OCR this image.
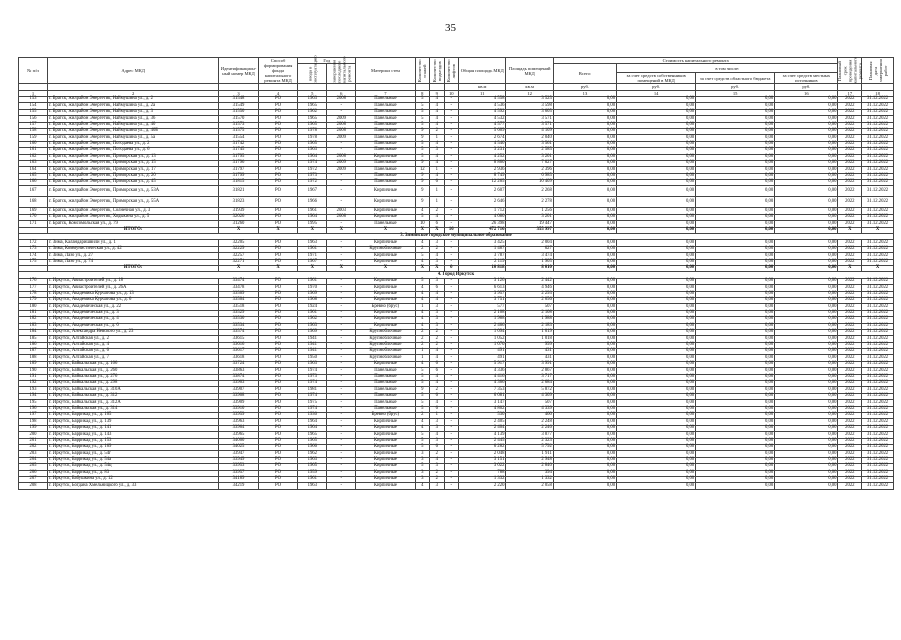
35
№ п/п	Адрес МКД	Идентификацион-ный номер МКД	Способ формирования фонда капитального ремонта МКД	Год		Материал стен	Количество этажей	Количество подъездов	Количество лифтов	Общая площадь МКД	Площадь помещений МКД	Стоимость капитального ремонта				Плановый срок проведения капитального ремонта	Плановая дата завершения работ
				ввода в эксплуатацию	завершения последнего капитального ремонта							Всего:	в том числе:				
													за счет средств собственников помещений в МКД	за счет средств областного бюджета	за счет средств местных источников		
										кв.м	кв.м	руб.	руб.	руб.	руб.		
1	2	3	4	5	6	7	8	9	10	11	12	13	14	15	16	17	18
153	г. Братск, жилрайон Энергетик, Наймушина ул., д. 2	31548	РО	1963	2008	Панельные	5	4	-	4 558	3 525	0,00	0,00	0,00	0,00	2022	31.12.2022
154	г. Братск, жилрайон Энергетик, Наймушина ул., д. 2а	31549	РО	1965	-	Панельные	5	4	-	4 536	3 598	0,00	0,00	0,00	0,00	2022	31.12.2022
155	г. Братск, жилрайон Энергетик, Наймушина ул., д. 3	31550	РО	1962	-	Панельные	5	4	-	4 592	3 605	0,00	0,00	0,00	0,00	2022	31.12.2022
156	г. Братск, жилрайон Энергетик, Наймушина ул., д. 36	31570	РО	1965	2009	Панельные	5	4	-	4 532	3 571	0,00	0,00	0,00	0,00	2022	31.12.2022
157	г. Братск, жилрайон Энергетик, Наймушина ул., д. 40	31573	РО	1965	2008	Панельные	5	4	-	4 577	3 571	0,00	0,00	0,00	0,00	2022	31.12.2022
158	г. Братск, жилрайон Энергетик, Наймушина ул., д. 40Б	31575	РО	1978	2008	Панельные	9	2	-	5 609	4 109	0,00	0,00	0,00	0,00	2022	31.12.2022
159	г. Братск, жилрайон Энергетик, Наймушина ул., д. 5а	31554	РО	1978	2009	Панельные	9	1	-	2 674	2 040	0,00	0,00	0,00	0,00	2022	31.12.2022
160	г. Братск, жилрайон Энергетик, Погодаева ул., д. 2	31742	РО	1965	-	Панельные	5	4	-	4 540	3 561	0,00	0,00	0,00	0,00	2022	31.12.2022
161	г. Братск, жилрайон Энергетик, Погодаева ул., д. 6	31745	РО	1963	-	Панельные	5	3	-	3 231	2 585	0,00	0,00	0,00	0,00	2022	31.12.2022
162	г. Братск, жилрайон Энергетик, Приморская ул., д. 13	31795	РО	1964	2008	Кирпичные	5	4	-	4 252	3 201	0,00	0,00	0,00	0,00	2022	31.12.2022
163	г. Братск, жилрайон Энергетик, Приморская ул., д. 15	31796	РО	1974	2009	Панельные	9	4	-	8 860	7 027	0,00	0,00	0,00	0,00	2022	31.12.2022
164	г. Братск, жилрайон Энергетик, Приморская ул., д. 17	31797	РО	1972	2009	Панельные	12	1	-	2 936	2 396	0,00	0,00	0,00	0,00	2022	31.12.2022
165	г. Братск, жилрайон Энергетик, Приморская ул., д. 20	31799	РО	1973	-	Панельные	9	4	-	8 749	6 985	0,00	0,00	0,00	0,00	2022	31.12.2022
166	г. Братск, жилрайон Энергетик, Приморская ул., д. 45	31815	РО	1972	-	Панельные	9	6	-	12 265	10 409	0,00	0,00	0,00	0,00	2022	31.12.2022
167	г. Братск, жилрайон Энергетик, Приморская ул., д. 53А	31821	РО	1967	-	Кирпичные	9	1	-	2 607	2 268	0,00	0,00	0,00	0,00	2022	31.12.2022
168	г. Братск, жилрайон Энергетик, Приморская ул., д. 55А	31823	РО	1966	-	Кирпичные	9	1	-	2 646	2 278	0,00	0,00	0,00	0,00	2022	31.12.2022
169	г. Братск, жилрайон Энергетик, Солнечная ул., д. 3	31939	РО	1961	2003	Кирпичные	4	2	-	1 712	1 256	0,00	0,00	0,00	0,00	2022	31.12.2022
170	г. Братск, жилрайон Энергетик, Ходыкина ул., д. 5	32026	РО	1964	2008	Кирпичные	5	4	-	4 080	3 201	0,00	0,00	0,00	0,00	2022	31.12.2022
171	г. Братск, Комсомольская ул., д. 79	31260	РО	1995	-	Панельные	10	6	-	26 398	19 447	0,00	0,00	0,00	0,00	2022	31.12.2022
	ИТОГО:	Х	Х	Х	Х	Х	Х	Х	16	472 716	355 997	0,00	0,00	0,00	0,00	Х	Х
3. Зиминское городское муниципальное образование																	
172	г. Зима, Каландаришвили ул., д. 1	32205	РО	1963	-	Кирпичные	4	3	-	3 425	2 004	0,00	0,00	0,00	0,00	2022	31.12.2022
173	г. Зима, Коммунистическая ул., д. 42	32229	РО	1961	-	Крупноблочные	2	2	-	1 487	627	0,00	0,00	0,00	0,00	2022	31.12.2022
174	г. Зима, Лазо ул., д. 27	32257	РО	1971	-	Кирпичные	5	4	-	3 787	3 474	0,00	0,00	0,00	0,00	2022	31.12.2022
175	г. Зима, Лазо ул., д. 74	32271	РО	1967	-	Кирпичные	4	3	-	2 119	1 905	0,00	0,00	0,00	0,00	2022	31.12.2022
	ИТОГО:	Х	Х	Х	Х	Х	Х	Х	0	10 818	8 010	0,00	0,00	0,00	0,00	Х	Х
4. Город Иркутск																	
176	г. Иркутск, Авиастроителей ул., д. 18	33474	РО	1961	-	Кирпичные	5	3	-	3 126	2 442	0,00	0,00	0,00	0,00	2022	31.12.2022
177	г. Иркутск, Авиастроителей ул., д. 26А	33478	РО	1970	-	Кирпичные	4	6	-	6 613	4 946	0,00	0,00	0,00	0,00	2022	31.12.2022
178	г. Иркутск, Академика Курчатова ул., д. 13	33509	РО	1969	-	Кирпичные	4	4	-	3 957	2 293	0,00	0,00	0,00	0,00	2022	31.12.2022
179	г. Иркутск, Академика Курчатова ул., д. 6	33504	РО	1968	-	Кирпичные	4	4	-	3 751	2 056	0,00	0,00	0,00	0,00	2022	31.12.2022
180	г. Иркутск, Академическая ул., д. 22	33518	РО	1924	-	Бревно (брус)	1	3	-	577	507	0,00	0,00	0,00	0,00	2022	31.12.2022
181	г. Иркутск, Академическая ул., д. 3	33529	РО	1961	-	Кирпичные	4	3	-	2 108	2 108	0,00	0,00	0,00	0,00	2022	31.12.2022
182	г. Иркутск, Академическая ул., д. 4	33530	РО	1962	-	Кирпичные	4	3	-	1 988	1 988	0,00	0,00	0,00	0,00	2022	31.12.2022
183	г. Иркутск, Академическая ул., д. 6	33534	РО	1963	-	Кирпичные	4	3	-	2 466	2 183	0,00	0,00	0,00	0,00	2022	31.12.2022
184	г. Иркутск, Александра Невского ул., д. 23	33574	РО	1969	-	Крупноблочные	2	2	-	1 094	1 019	0,00	0,00	0,00	0,00	2022	31.12.2022
185	г. Иркутск, Алтайская ул., д. 2	33615	РО	1941	-	Крупноблочные	2	2	-	1 052	1 018	0,00	0,00	0,00	0,00	2022	31.12.2022
186	г. Иркутск, Алтайская ул., д. 4	33616	РО	1941	-	Крупноблочные	2	2	-	1 070	999	0,00	0,00	0,00	0,00	2022	31.12.2022
187	г. Иркутск, Алтайская ул., д. 6	33617	РО	1941	-	Крупноблочные	1	4	-	491	431	0,00	0,00	0,00	0,00	2022	31.12.2022
188	г. Иркутск, Алтайская ул., д. 7	33618	РО	1950	-	Крупноблочные	1	4	-	491	431	0,00	0,00	0,00	0,00	2022	31.12.2022
189	г. Иркутск, Байкальская ул., д. 106	33724	РО	1963	-	Кирпичные	4	6	-	5 917	3 991	0,00	0,00	0,00	0,00	2022	31.12.2022
190	г. Иркутск, Байкальская ул., д. 260	33863	РО	1974	-	Панельные	5	6	-	4 336	2 867	0,00	0,00	0,00	0,00	2022	31.12.2022
191	г. Иркутск, Байкальская ул., д. 276	33874	РО	1973	-	Панельные	5	4	-	4 416	3 717	0,00	0,00	0,00	0,00	2022	31.12.2022
192	г. Иркутск, Байкальская ул., д. 298	33903	РО	1974	-	Панельные	5	4	-	4 366	2 684	0,00	0,00	0,00	0,00	2022	31.12.2022
193	г. Иркутск, Байкальская ул., д. 310А	33907	РО	1981	-	Панельные	9	2	-	7 353	5 872	0,00	0,00	0,00	0,00	2022	31.12.2022
194	г. Иркутск, Байкальская ул., д. 312	33908	РО	1974	-	Панельные	5	6	-	6 081	4 309	0,00	0,00	0,00	0,00	2022	31.12.2022
195	г. Иркутск, Байкальская ул., д. 312А	33909	РО	1975	-	Панельные	5	4	-	3 147	507	0,00	0,00	0,00	0,00	2022	31.12.2022
196	г. Иркутск, Байкальская ул., д. 314	33910	РО	1974	-	Панельные	5	6	-	4 802	4 339	0,00	0,00	0,00	0,00	2022	31.12.2022
197	г. Иркутск, Баррикад ул., д. 105	33959	РО	1930	-	Бревно (брус)	2	1	-	530	460	0,00	0,00	0,00	0,00	2022	31.12.2022
198	г. Иркутск, Баррикад ул., д. 139	33963	РО	1964	-	Кирпичные	4	3	-	2 405	2 248	0,00	0,00	0,00	0,00	2022	31.12.2022
199	г. Иркутск, Баррикад ул., д. 141	33964	РО	1964	-	Кирпичные	4	3	-	2 404	2 246	0,00	0,00	0,00	0,00	2022	31.12.2022
200	г. Иркутск, Баррикад ул., д. 143	33965	РО	1965	-	Кирпичные	5	4	-	4 139	3 877	0,00	0,00	0,00	0,00	2022	31.12.2022
201	г. Иркутск, Баррикад ул., д. 153	34000	РО	1965	-	Кирпичные	5	3	-	2 445	2 323	0,00	0,00	0,00	0,00	2022	31.12.2022
202	г. Иркутск, Баррикад ул., д. 169	34025	РО	1966	-	Кирпичные	5	6	-	6 282	5 792	0,00	0,00	0,00	0,00	2022	31.12.2022
203	г. Иркутск, Баррикад ул., д. 54г	33947	РО	1962	-	Кирпичные	3	2	-	2 048	1 911	0,00	0,00	0,00	0,00	2022	31.12.2022
204	г. Иркутск, Баррикад ул., д. 54а	33949	РО	1963	-	Кирпичные	3	4	-	3 151	2 948	0,00	0,00	0,00	0,00	2022	31.12.2022
205	г. Иркутск, Баррикад ул., д. 54ц	33953	РО	1965	-	Кирпичные	5	3	-	3 022	2 840	0,00	0,00	0,00	0,00	2022	31.12.2022
206	г. Иркутск, Баррикад ул., д. 83	33957	РО	1959	-	Кирпичные	3	2	-	788	394	0,00	0,00	0,00	0,00	2022	31.12.2022
207	г. Иркутск, Бабушкина ул., д. 12	34189	РО	1961	-	Кирпичные	3	2	-	1 332	1 332	0,00	0,00	0,00	0,00	2022	31.12.2022
208	г. Иркутск, Богдана Хмельницкого ул., д. 33	34219	РО	1963	-	Кирпичные	4	3	-	2 220	2 058	0,00	0,00	0,00	0,00	2022	31.12.2022
